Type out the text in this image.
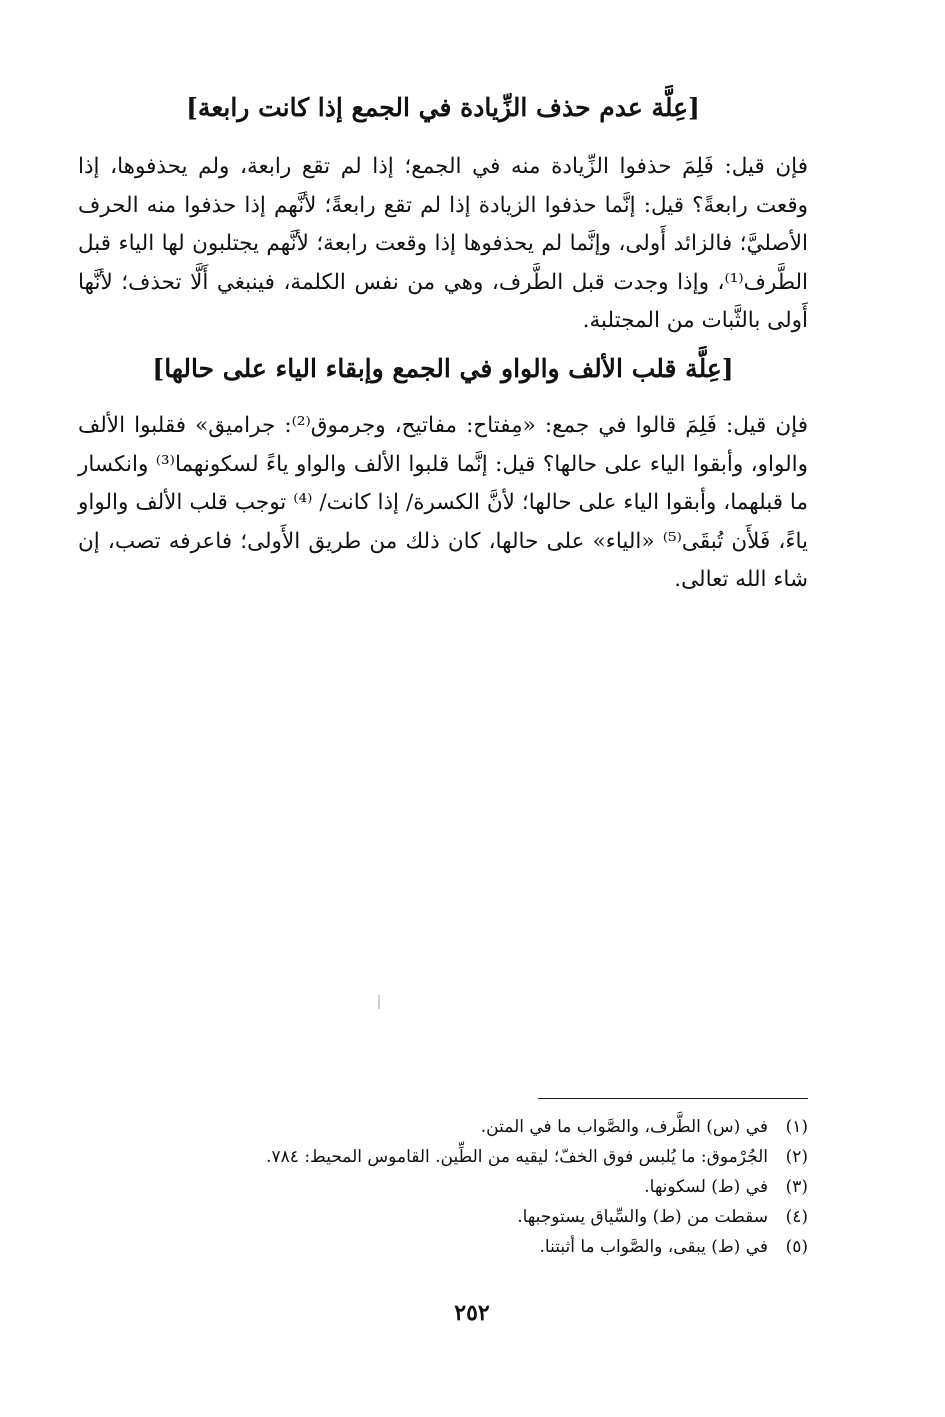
[عِلَّة عدم حذف الزِّيادة في الجمع إذا كانت رابعة]
فإن قيل: فَلِمَ حذفوا الزِّيادة منه في الجمع؛ إذا لم تقع رابعة، ولم يحذفوها، إذا وقعت رابعةً؟ قيل: إنَّما حذفوا الزيادة إذا لم تقع رابعةً؛ لأنَّهم إذا حذفوا منه الحرف الأصليَّ؛ فالزائد أَولى، وإنَّما لم يحذفوها إذا وقعت رابعة؛ لأنَّهم يجتلبون لها الياء قبل الطَّرف⁽¹⁾، وإذا وجدت قبل الطَّرف، وهي من نفس الكلمة، فينبغي أَلَّا تحذف؛ لأنَّها أَولى بالثَّبات من المجتلبة.
[عِلَّة قلب الألف والواو في الجمع وإبقاء الياء على حالها]
فإن قيل: فَلِمَ قالوا في جمع: «مِفتاح: مفاتيح، وجرموق⁽²⁾: جراميق» فقلبوا الألف والواو، وأبقوا الياء على حالها؟ قيل: إنَّما قلبوا الألف والواو ياءً لسكونهما⁽³⁾ وانكسار ما قبلهما، وأبقوا الياء على حالها؛ لأنَّ الكسرة/ إذا كانت/ ⁽⁴⁾ توجب قلب الألف والواو ياءً، فَلأَن تُبقَى⁽⁵⁾ «الياء» على حالها، كان ذلك من طريق الأَولى؛ فاعرفه تصب، إن شاء الله تعالى.
(١)
في (س) الطَّرف، والصَّواب ما في المتن.
(٢)
الجُرْموق: ما يُلبس فوق الخفّ؛ ليقيه من الطِّين. القاموس المحيط: ٧٨٤.
(٣)
في (ط) لسكونها.
(٤)
سقطت من (ط) والسِّياق يستوجبها.
(٥)
في (ط) يبقى، والصَّواب ما أثبتنا.
٢٥٢
